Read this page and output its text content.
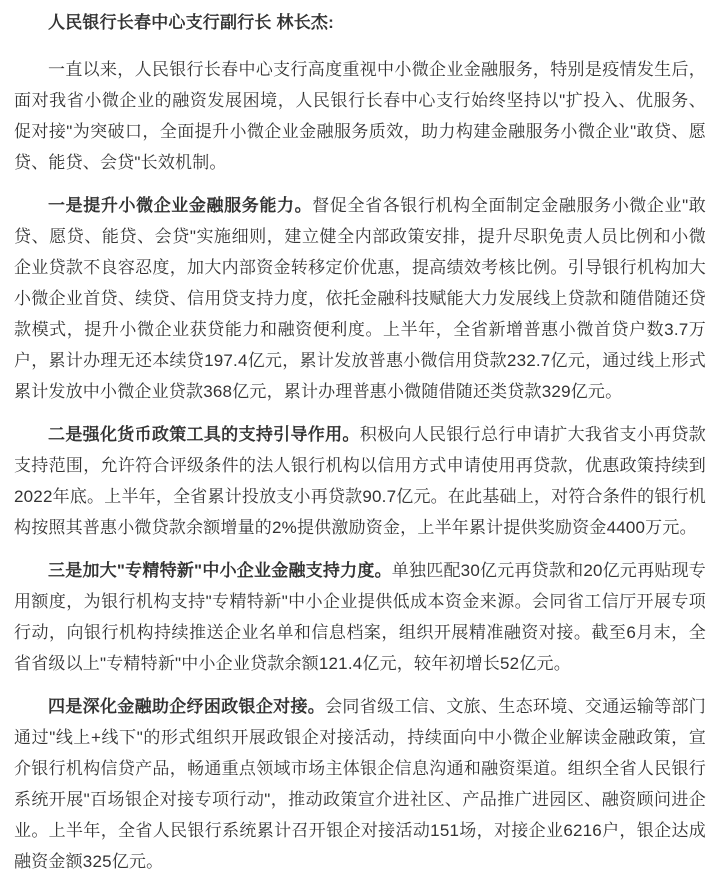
人民银行长春中心支行副行长 林长杰:

一直以来，人民银行长春中心支行高度重视中小微企业金融服务，特别是疫情发生后，面对我省小微企业的融资发展困境，人民银行长春中心支行始终坚持以"扩投入、优服务、促对接"为突破口，全面提升小微企业金融服务质效，助力构建金融服务小微企业"敢贷、愿贷、能贷、会贷"长效机制。

一是提升小微企业金融服务能力。督促全省各银行机构全面制定金融服务小微企业"敢贷、愿贷、能贷、会贷"实施细则，建立健全内部政策安排，提升尽职免责人员比例和小微企业贷款不良容忍度，加大内部资金转移定价优惠，提高绩效考核比例。引导银行机构加大小微企业首贷、续贷、信用贷支持力度，依托金融科技赋能大力发展线上贷款和随借随还贷款模式，提升小微企业获贷能力和融资便利度。上半年，全省新增普惠小微首贷户数3.7万户，累计办理无还本续贷197.4亿元，累计发放普惠小微信用贷款232.7亿元，通过线上形式累计发放中小微企业贷款368亿元，累计办理普惠小微随借随还类贷款329亿元。

二是强化货币政策工具的支持引导作用。积极向人民银行总行申请扩大我省支小再贷款支持范围，允许符合评级条件的法人银行机构以信用方式申请使用再贷款，优惠政策持续到2022年底。上半年，全省累计投放支小再贷款90.7亿元。在此基础上，对符合条件的银行机构按照其普惠小微贷款余额增量的2%提供激励资金，上半年累计提供奖励资金4400万元。

三是加大"专精特新"中小企业金融支持力度。单独匹配30亿元再贷款和20亿元再贴现专用额度，为银行机构支持"专精特新"中小企业提供低成本资金来源。会同省工信厅开展专项行动，向银行机构持续推送企业名单和信息档案，组织开展精准融资对接。截至6月末，全省省级以上"专精特新"中小企业贷款余额121.4亿元，较年初增长52亿元。

四是深化金融助企纾困政银企对接。会同省级工信、文旅、生态环境、交通运输等部门通过"线上+线下"的形式组织开展政银企对接活动，持续面向中小微企业解读金融政策，宣介银行机构信贷产品，畅通重点领域市场主体银企信息沟通和融资渠道。组织全省人民银行系统开展"百场银企对接专项行动"，推动政策宣介进社区、产品推广进园区、融资顾问进企业。上半年，全省人民银行系统累计召开银企对接活动151场，对接企业6216户，银企达成融资金额325亿元。
